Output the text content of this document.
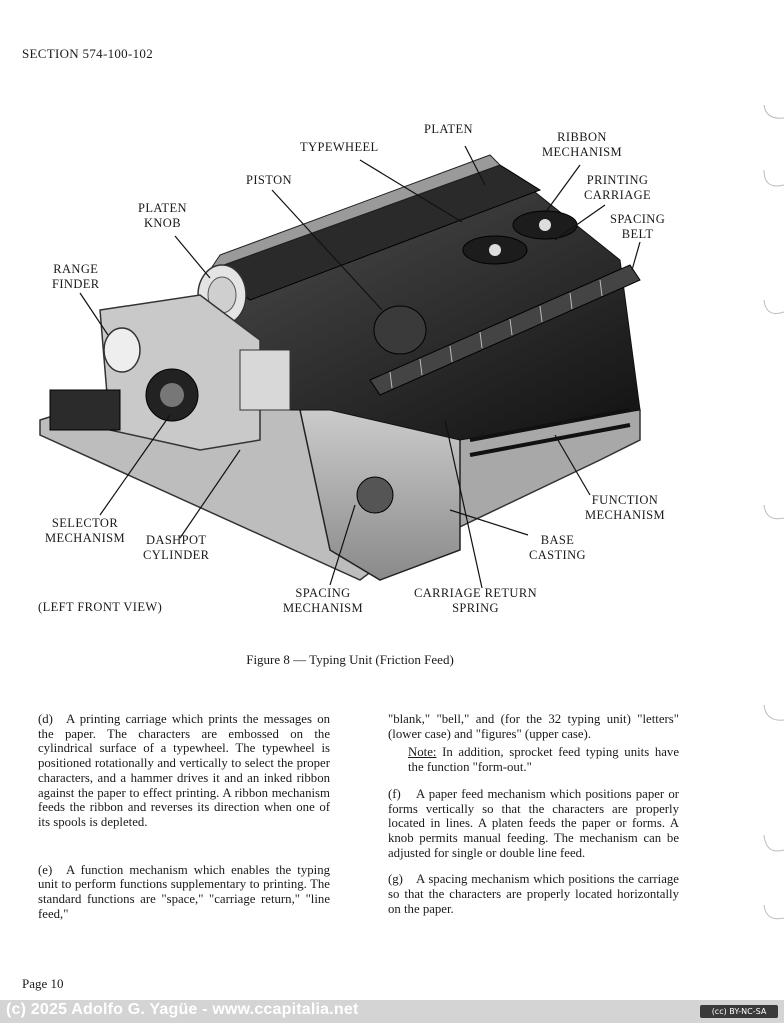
SECTION 574-100-102
PLATEN
TYPEWHEEL
RIBBON
MECHANISM
PISTON	PRINTING
CARRIAGE
PLATEN
KNOB	SPACING
BELT
RANGE
FINDER
FUNCTION
MECHANISM
SELECTOR
MECHANISM DASHPOT
CYLINDER
BASE
CASTING
SPACING
MECHANISM
CARRIAGE RETURN
SPRING
(LEFT FRONT VIEW)
Figure 8 — Typing Unit (Friction Feed)

(d) A printing carriage which prints the messages on the paper. The characters are embossed on the cylindrical surface of a typewheel. The typewheel is positioned rotationally and vertically to select the proper characters, and a hammer drives it and an inked ribbon against the paper to effect printing. A ribbon mechanism feeds the ribbon and reverses its direction when one of its spools is depleted.

(e) A function mechanism which enables the typing unit to perform functions supplementary to printing. The standard functions are "space," "carriage return," "line feed,"

"blank," "bell," and (for the 32 typing unit) "letters" (lower case) and "figures" (upper case).

Note: In addition, sprocket feed typing units have the function "form-out."

(f) A paper feed mechanism which positions paper or forms vertically so that the characters are properly located in lines. A platen feeds the paper or forms. A knob permits manual feeding. The mechanism can be adjusted for single or double line feed.

(g) A spacing mechanism which positions the carriage so that the characters are properly located horizontally on the paper.

Page 10
(c) 2025 Adolfo G. Yagüe - www.ccapitalia.net	(cc) BY-NC-SA
